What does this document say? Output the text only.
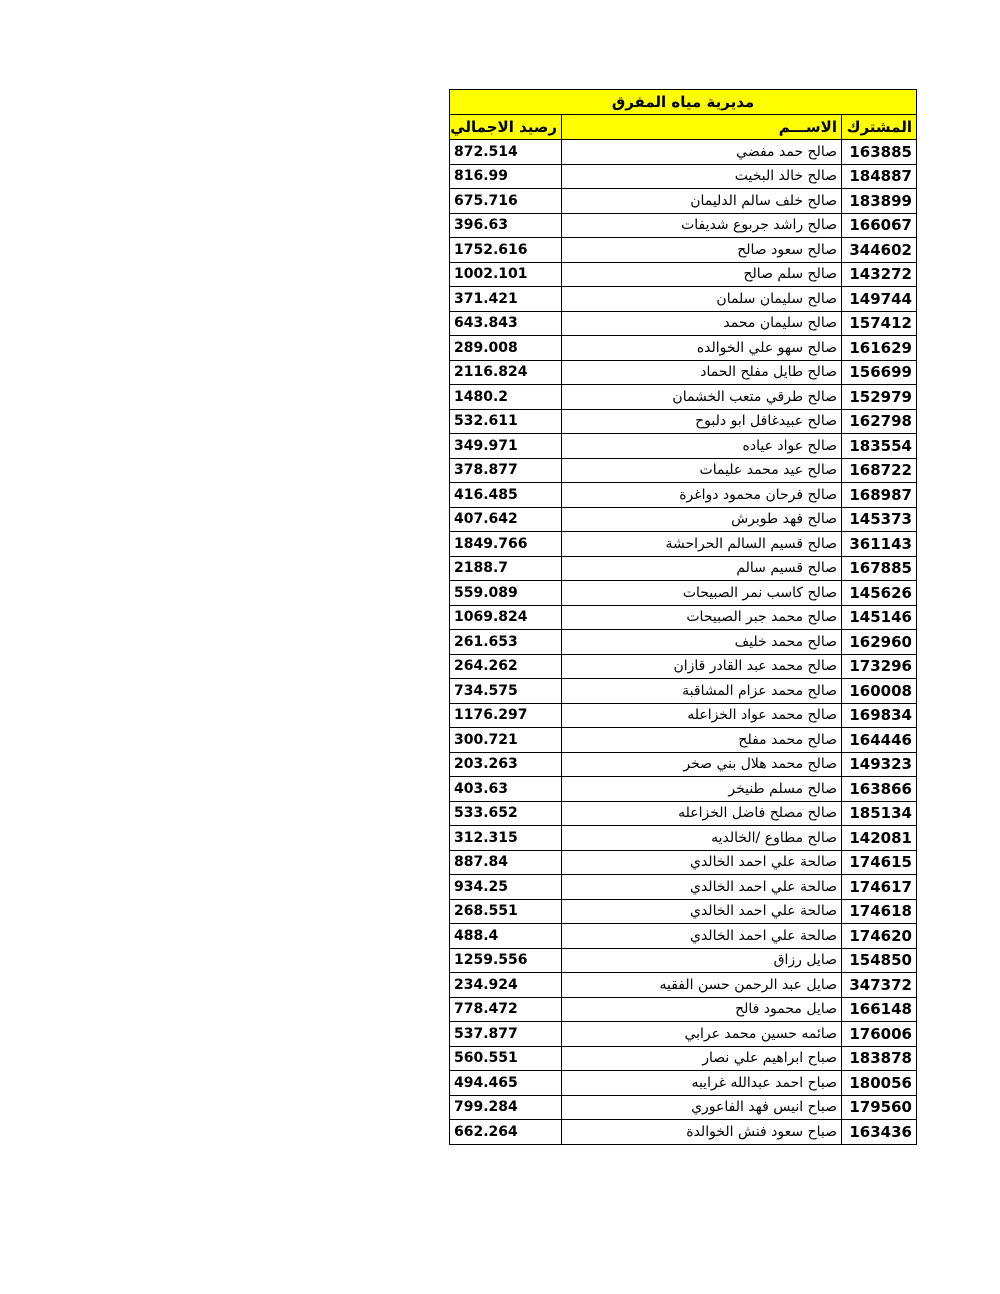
مديرية مياه المفرق		
المشترك	الاســـم	رصيد الاجمالي
163885	صالح حمد مفضي	872.514
184887	صالح خالد البخيت	816.99
183899	صالح خلف سالم الدليمان	675.716
166067	صالح راشد جربوع شديفات	396.63
344602	صالح سعود صالح	1752.616
143272	صالح سلم صالح	1002.101
149744	صالح سليمان سلمان	371.421
157412	صالح سليمان محمد	643.843
161629	صالح سهو علي الخوالده	289.008
156699	صالح طايل مفلح الحماد	2116.824
152979	صالح طرقي متعب الخشمان	1480.2
162798	صالح عبيدغافل ابو دلبوح	532.611
183554	صالح عواد عياده	349.971
168722	صالح عيد محمد عليمات	378.877
168987	صالح فرحان محمود دواغرة	416.485
145373	صالح فهد طوبرش	407.642
361143	صالح قسيم السالم الحراحشة	1849.766
167885	صالح قسيم سالم	2188.7
145626	صالح كاسب نمر الصبيحات	559.089
145146	صالح محمد جبر الصبيحات	1069.824
162960	صالح محمد خليف	261.653
173296	صالح محمد عبد القادر قازان	264.262
160008	صالح محمد عزام المشاقبة	734.575
169834	صالح محمد عواد الخزاعله	1176.297
164446	صالح محمد مفلح	300.721
149323	صالح محمد هلال بني صخر	203.263
163866	صالح مسلم طنيخر	403.63
185134	صالح مصلح فاضل الخزاعله	533.652
142081	صالح مطاوع /الخالديه	312.315
174615	صالحة علي احمد الخالدي	887.84
174617	صالحة علي احمد الخالدي	934.25
174618	صالحة علي احمد الخالدي	268.551
174620	صالحة علي احمد الخالدي	488.4
154850	صايل رزاق	1259.556
347372	صايل عبد الرحمن حسن الفقيه	234.924
166148	صايل محمود فالح	778.472
176006	صائمه حسين محمد عرابي	537.877
183878	صباح ابراهيم علي نصار	560.551
180056	صباح احمد عبدالله غرايبه	494.465
179560	صباح انيس فهد الفاعوري	799.284
163436	صباح سعود فنش الخوالدة	662.264
